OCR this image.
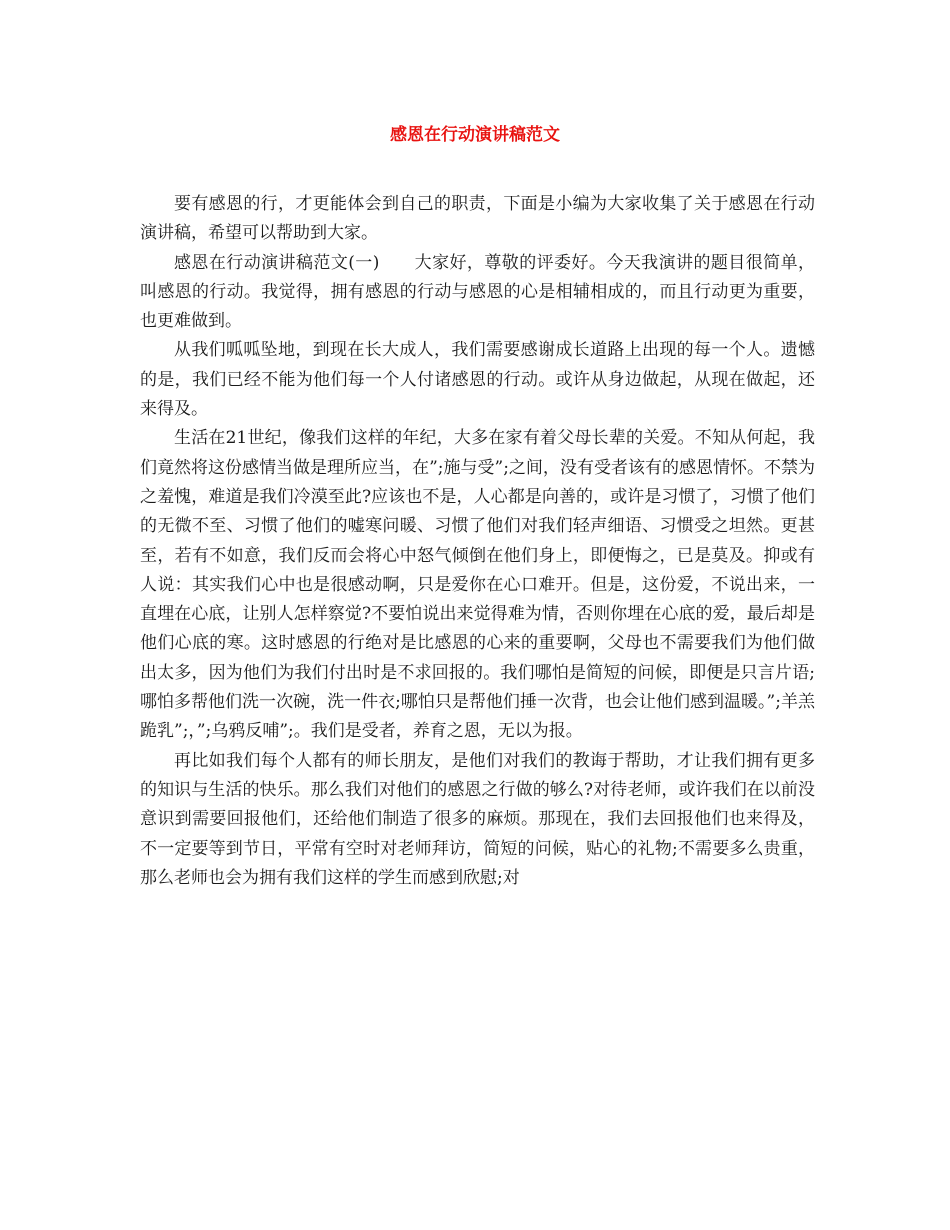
感恩在行动演讲稿范文

要有感恩的行，才更能体会到自己的职责，下面是小编为大家收集了关于感恩在行动演讲稿，希望可以帮助到大家。

感恩在行动演讲稿范文(一)　　大家好，尊敬的评委好。今天我演讲的题目很简单，叫感恩的行动。我觉得，拥有感恩的行动与感恩的心是相辅相成的，而且行动更为重要，也更难做到。

从我们呱呱坠地，到现在长大成人，我们需要感谢成长道路上出现的每一个人。遗憾的是，我们已经不能为他们每一个人付诸感恩的行动。或许从身边做起，从现在做起，还来得及。

生活在21世纪，像我们这样的年纪，大多在家有着父母长辈的关爱。不知从何起，我们竟然将这份感情当做是理所应当，在”;施与受”;之间，没有受者该有的感恩情怀。不禁为之羞愧，难道是我们冷漠至此?应该也不是，人心都是向善的，或许是习惯了，习惯了他们的无微不至、习惯了他们的嘘寒问暖、习惯了他们对我们轻声细语、习惯受之坦然。更甚至，若有不如意，我们反而会将心中怒气倾倒在他们身上，即便悔之，已是莫及。抑或有人说：其实我们心中也是很感动啊，只是爱你在心口难开。但是，这份爱，不说出来，一直埋在心底，让别人怎样察觉?不要怕说出来觉得难为情，否则你埋在心底的爱，最后却是他们心底的寒。这时感恩的行绝对是比感恩的心来的重要啊，父母也不需要我们为他们做出太多，因为他们为我们付出时是不求回报的。我们哪怕是简短的问候，即便是只言片语;哪怕多帮他们洗一次碗，洗一件衣;哪怕只是帮他们捶一次背，也会让他们感到温暖。”;羊羔跪乳”;，”;乌鸦反哺”;。我们是受者，养育之恩，无以为报。

再比如我们每个人都有的师长朋友，是他们对我们的教诲于帮助，才让我们拥有更多的知识与生活的快乐。那么我们对他们的感恩之行做的够么?对待老师，或许我们在以前没意识到需要回报他们，还给他们制造了很多的麻烦。那现在，我们去回报他们也来得及，不一定要等到节日，平常有空时对老师拜访，简短的问候，贴心的礼物;不需要多么贵重，那么老师也会为拥有我们这样的学生而感到欣慰;对
